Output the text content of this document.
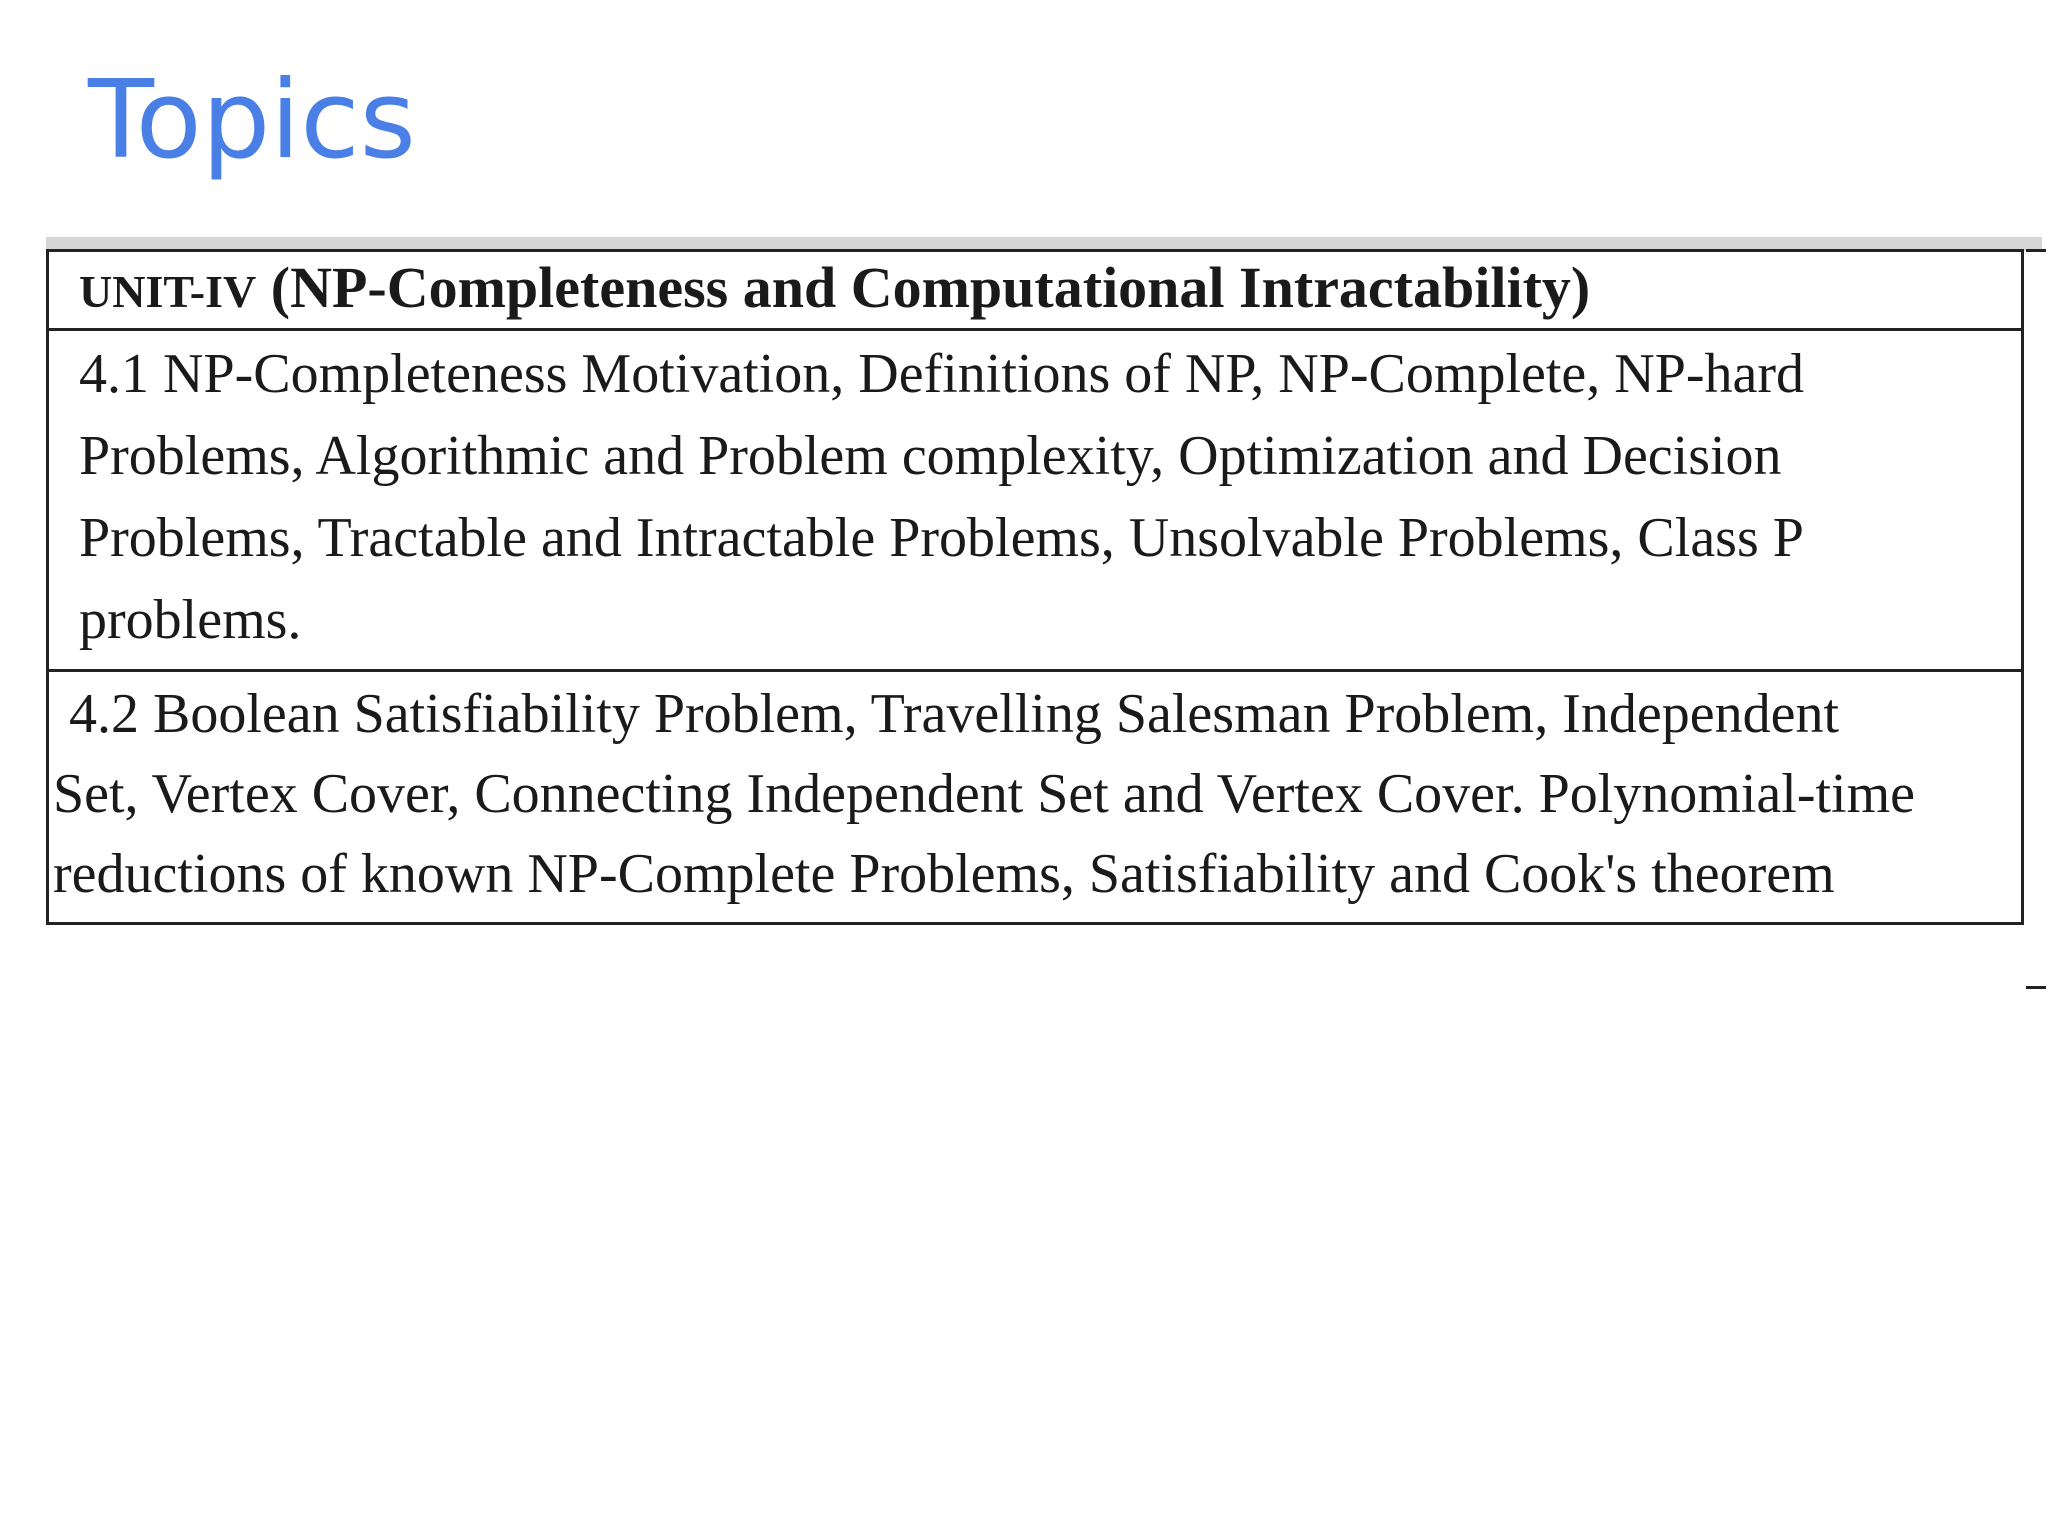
Topics
UNIT-IV (NP-Completeness and Computational Intractability)
4.1 NP-Completeness Motivation, Definitions of NP, NP-Complete, NP-hard Problems, Algorithmic and Problem complexity, Optimization and Decision Problems, Tractable and Intractable Problems, Unsolvable Problems, Class P problems.
4.2 Boolean Satisfiability Problem, Travelling Salesman Problem, Independent
Set, Vertex Cover, Connecting Independent Set and Vertex Cover. Polynomial-time reductions of known NP-Complete Problems, Satisfiability and Cook's theorem
